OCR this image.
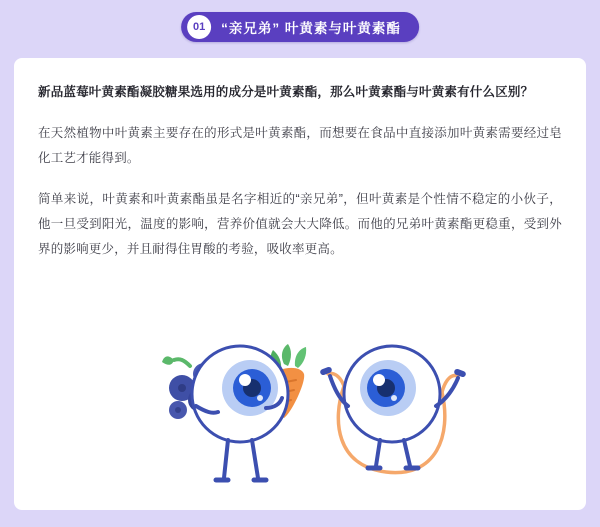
01	“亲兄弟” 叶黄素与叶黄素酯

新品蓝莓叶黄素酯凝胶糖果选用的成分是叶黄素酯，那么叶黄素酯与叶黄素有什么区别？

在天然植物中叶黄素主要存在的形式是叶黄素酯，而想要在食品中直接添加叶黄素需要经过皂化工艺才能得到。

简单来说，叶黄素和叶黄素酯虽是名字相近的“亲兄弟”，但叶黄素是个性情不稳定的小伙子，他一旦受到阳光，温度的影响，营养价值就会大大降低。而他的兄弟叶黄素酯更稳重，受到外界的影响更少，并且耐得住胃酸的考验，吸收率更高。
